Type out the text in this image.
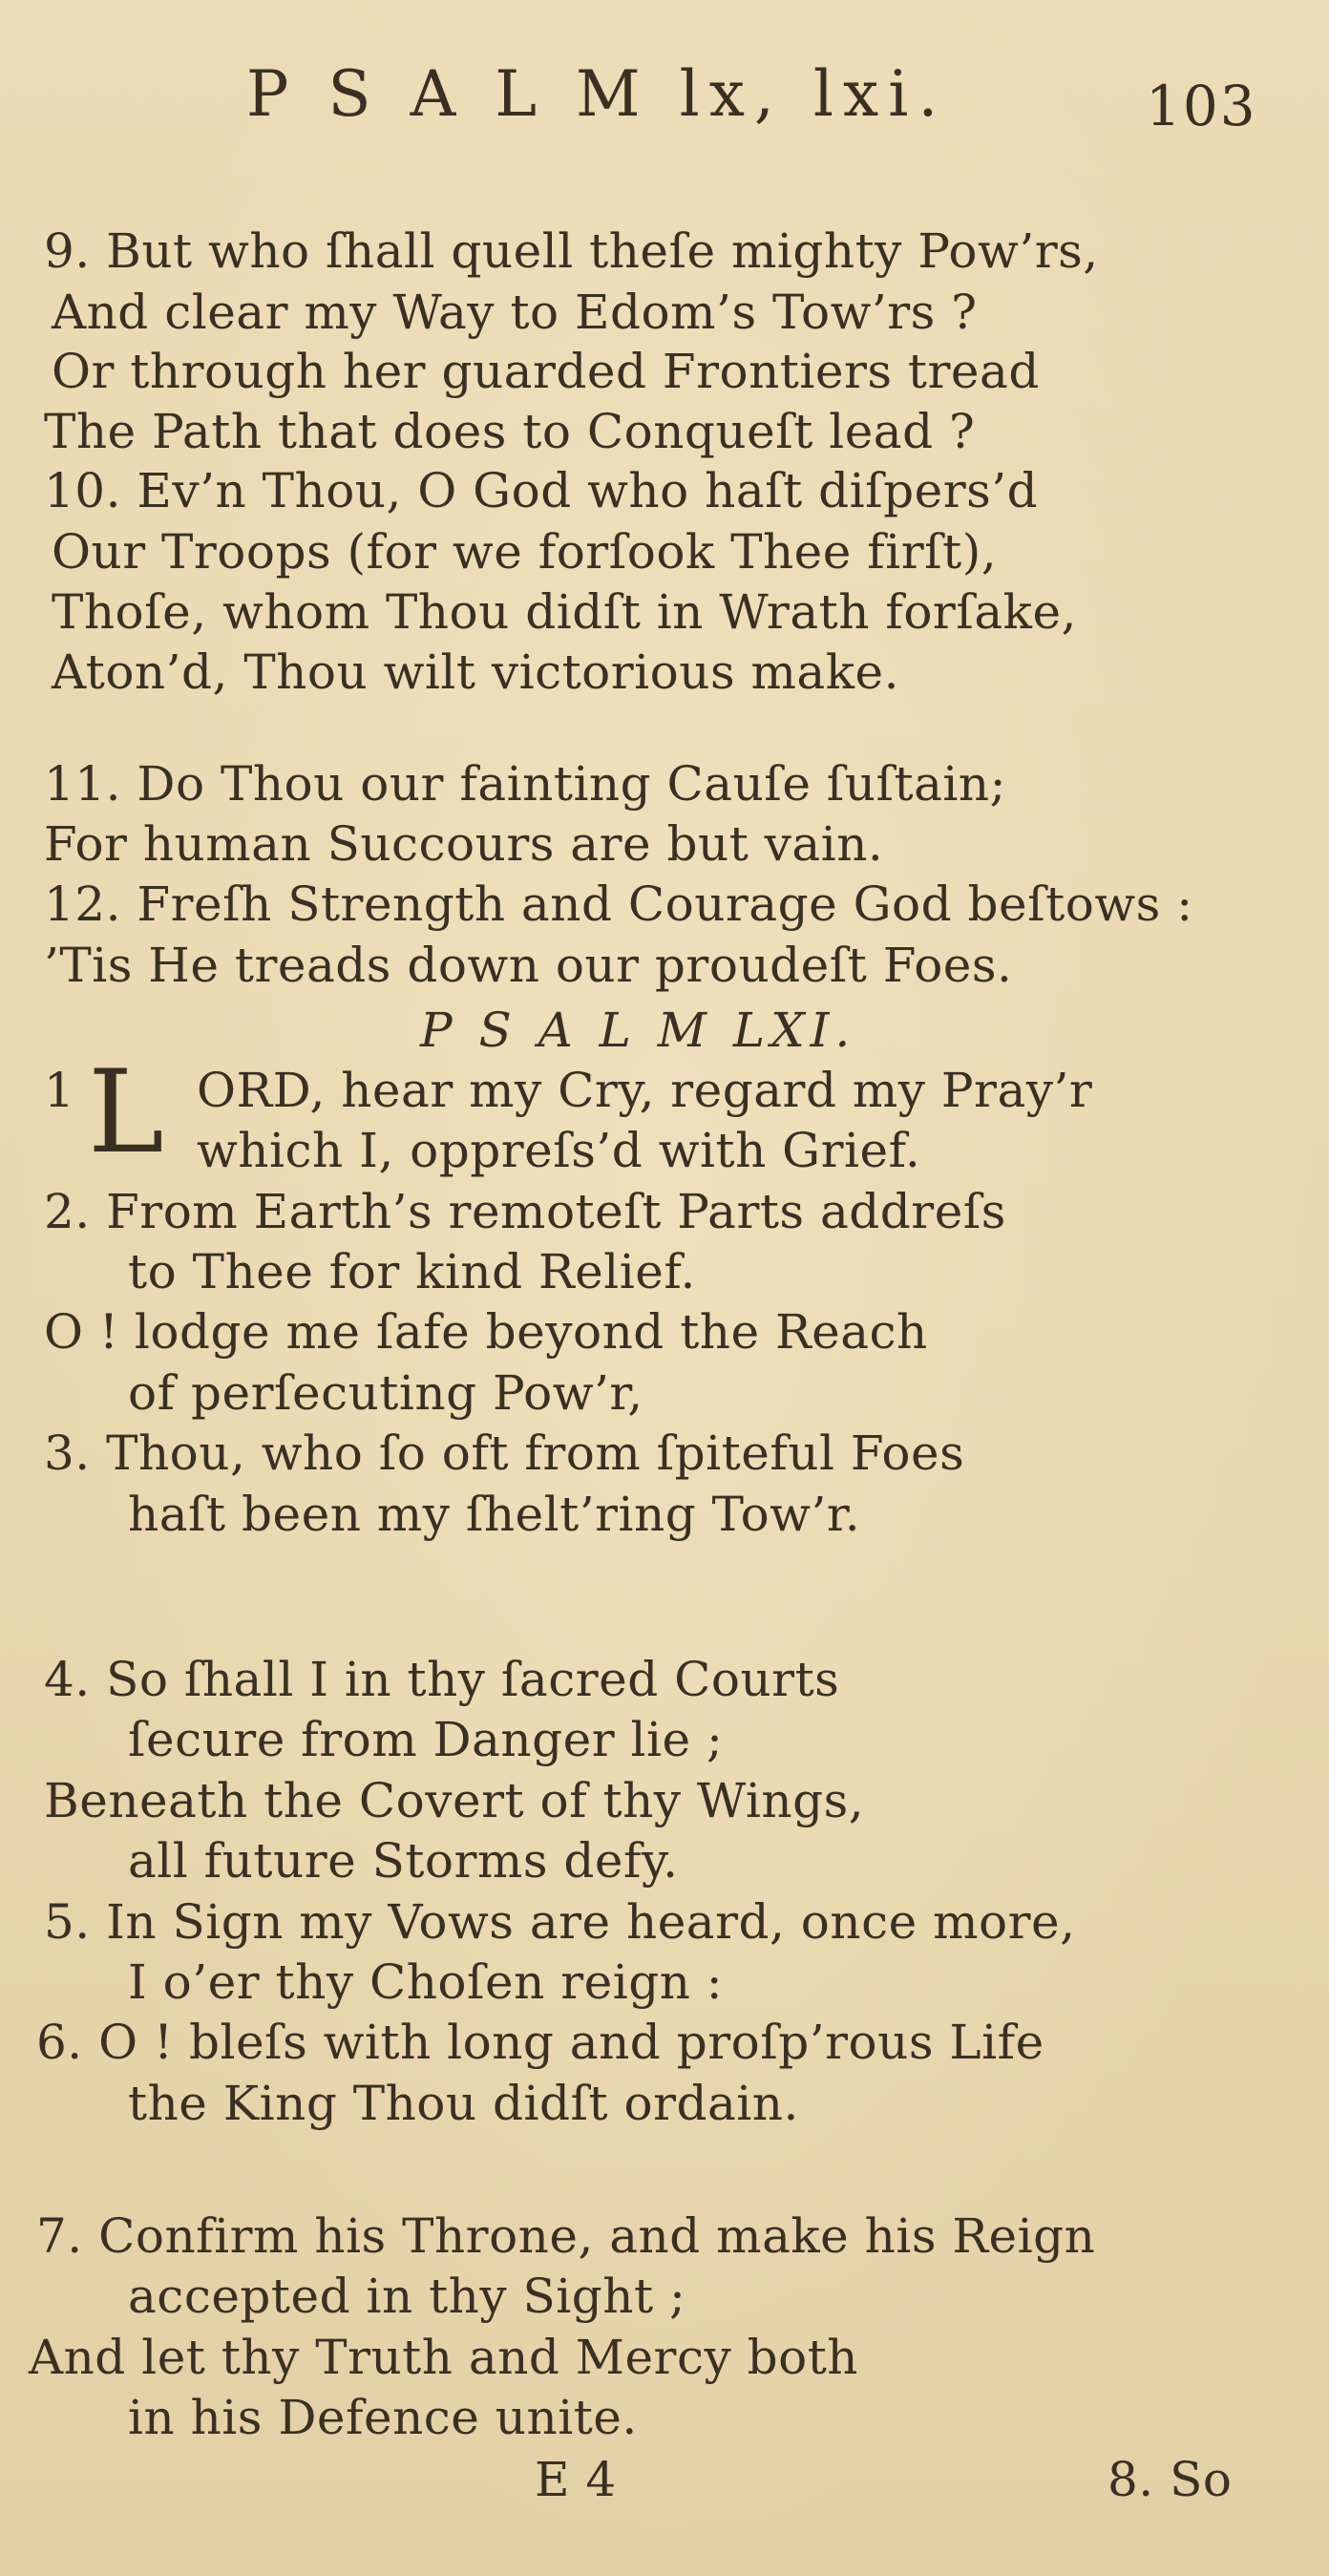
P S A L M lx, lxi.	103
9. But who ſhall quell theſe mighty Pow’rs,
And clear my Way to Edom’s Tow’rs ?
Or through her guarded Frontiers tread
The Path that does to Conqueſt lead ?
10. Ev’n Thou, O God who haſt diſpers’d
Our Troops (for we forſook Thee firſt),
Thoſe, whom Thou didſt in Wrath forſake,
Aton’d, Thou wilt victorious make.
11. Do Thou our fainting Cauſe ſuſtain;
For human Succours are but vain.
12. Freſh Strength and Courage God beſtows :
’Tis He treads down our proudeſt Foes.
P S A L M LXI.
1 L ORD, hear my Cry, regard my Pray’r
which I, oppreſs’d with Grief.
2. From Earth’s remoteſt Parts addreſs
to Thee for kind Relief.
O ! lodge me ſafe beyond the Reach
of perſecuting Pow’r,
3. Thou, who ſo oft from ſpiteful Foes
haſt been my ſhelt’ring Tow’r.
4. So ſhall I in thy ſacred Courts
ſecure from Danger lie ;
Beneath the Covert of thy Wings,
all future Storms defy.
5. In Sign my Vows are heard, once more,
I o’er thy Choſen reign :
6. O ! bleſs with long and proſp’rous Life
the King Thou didſt ordain.
7. Confirm his Throne, and make his Reign
accepted in thy Sight ;
And let thy Truth and Mercy both
in his Defence unite.
E 4	8. So
